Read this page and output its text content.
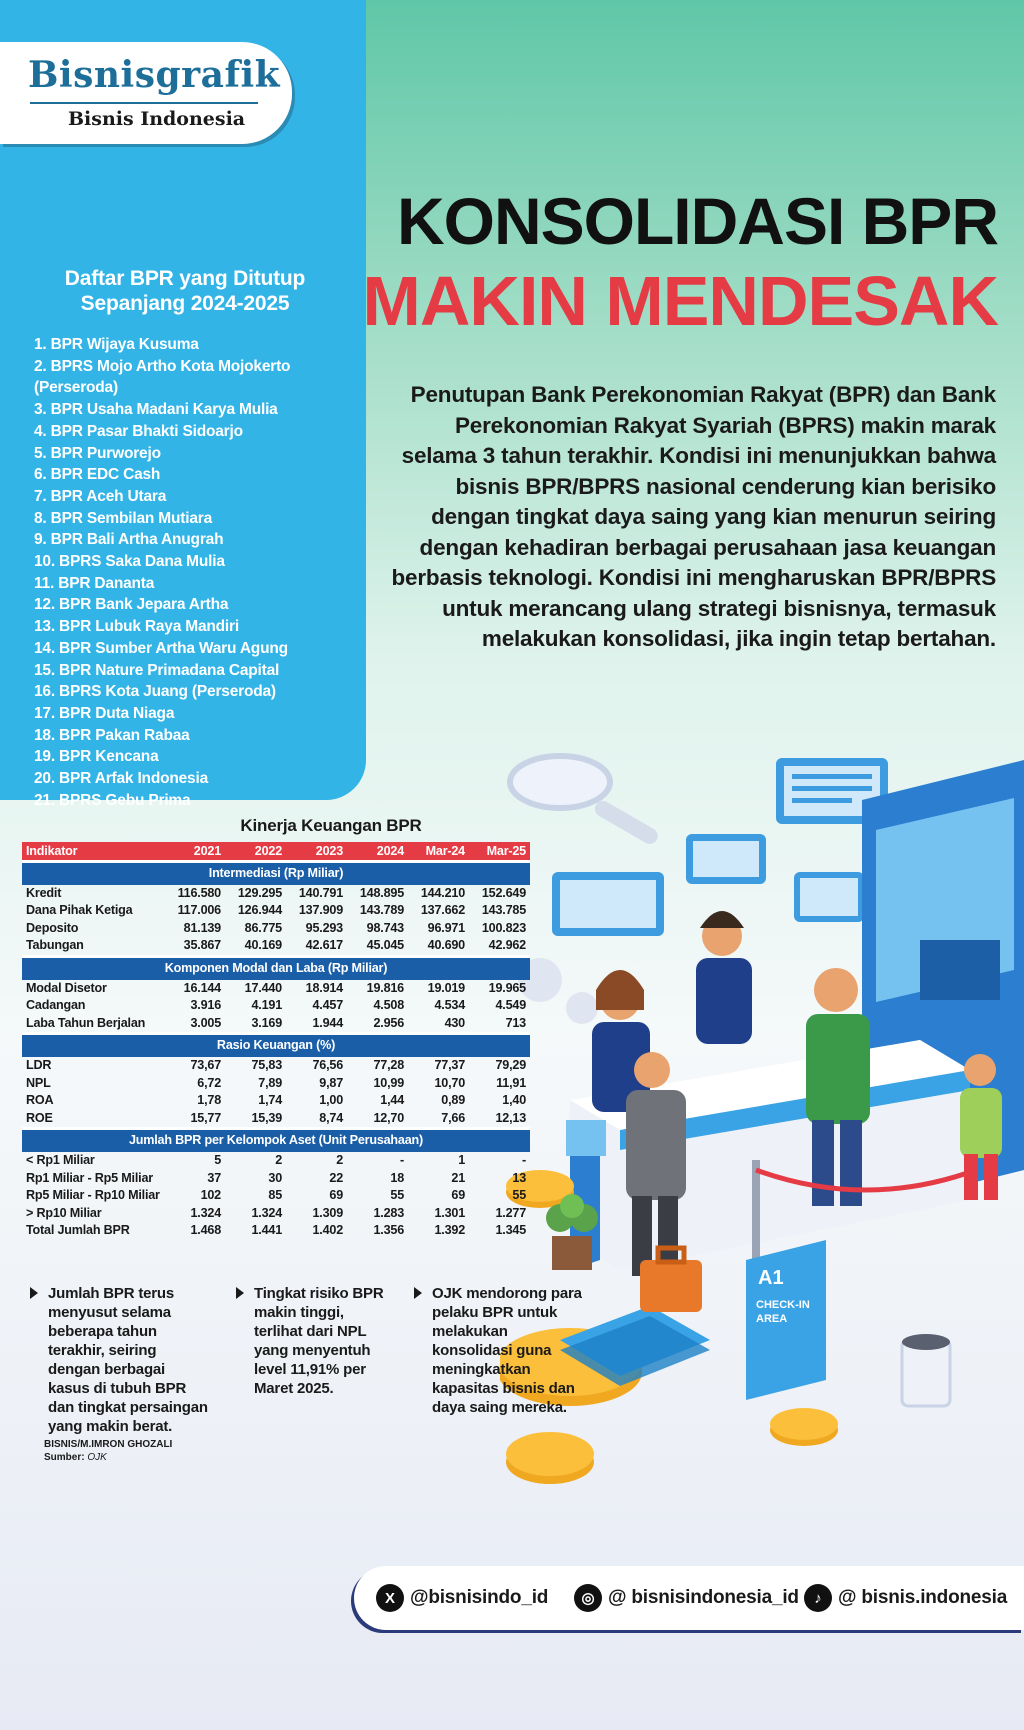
Bisnisgrafik
Bisnis Indonesia
Daftar BPR yang Ditutup
Sepanjang 2024-2025
1. BPR Wijaya Kusuma
2. BPRS Mojo Artho Kota Mojokerto (Perseroda)
3. BPR Usaha Madani Karya Mulia
4. BPR Pasar Bhakti Sidoarjo
5. BPR Purworejo
6. BPR EDC Cash
7. BPR Aceh Utara
8. BPR Sembilan Mutiara
9. BPR Bali Artha Anugrah
10. BPRS Saka Dana Mulia
11. BPR Dananta
12. BPR Bank Jepara Artha
13. BPR Lubuk Raya Mandiri
14. BPR Sumber Artha Waru Agung
15. BPR Nature Primadana Capital
16. BPRS Kota Juang (Perseroda)
17. BPR Duta Niaga
18. BPR Pakan Rabaa
19. BPR Kencana
20. BPR Arfak Indonesia
21. BPRS Gebu Prima
KONSOLIDASI BPR
MAKIN MENDESAK
Penutupan Bank Perekonomian Rakyat (BPR) dan Bank Perekonomian Rakyat Syariah (BPRS) makin marak selama 3 tahun terakhir. Kondisi ini menunjukkan bahwa bisnis BPR/BPRS nasional cenderung kian berisiko dengan tingkat daya saing yang kian menurun seiring dengan kehadiran berbagai perusahaan jasa keuangan berbasis teknologi. Kondisi ini mengharuskan BPR/BPRS untuk merancang ulang strategi bisnisnya, termasuk melakukan konsolidasi, jika ingin tetap bertahan.
A1
CHECK-IN
AREA
Kinerja Keuangan BPR
Indikator	2021	2022	2023	2024	Mar-24	Mar-25
Intermediasi (Rp Miliar)						
Kredit	116.580	129.295	140.791	148.895	144.210	152.649
Dana Pihak Ketiga	117.006	126.944	137.909	143.789	137.662	143.785
Deposito	81.139	86.775	95.293	98.743	96.971	100.823
Tabungan	35.867	40.169	42.617	45.045	40.690	42.962
Komponen Modal dan Laba (Rp Miliar)						
Modal Disetor	16.144	17.440	18.914	19.816	19.019	19.965
Cadangan	3.916	4.191	4.457	4.508	4.534	4.549
Laba Tahun Berjalan	3.005	3.169	1.944	2.956	430	713
Rasio Keuangan (%)						
LDR	73,67	75,83	76,56	77,28	77,37	79,29
NPL	6,72	7,89	9,87	10,99	10,70	11,91
ROA	1,78	1,74	1,00	1,44	0,89	1,40
ROE	15,77	15,39	8,74	12,70	7,66	12,13
Jumlah BPR per Kelompok Aset (Unit Perusahaan)						
< Rp1 Miliar	5	2	2	-	1	-
Rp1 Miliar - Rp5 Miliar	37	30	22	18	21	13
Rp5 Miliar - Rp10 Miliar	102	85	69	55	69	55
> Rp10 Miliar	1.324	1.324	1.309	1.283	1.301	1.277
Total Jumlah BPR	1.468	1.441	1.402	1.356	1.392	1.345
Jumlah BPR terus menyusut selama beberapa tahun terakhir, seiring dengan berbagai kasus di tubuh BPR dan tingkat persaingan yang makin berat.
Tingkat risiko BPR makin tinggi, terlihat dari NPL yang menyentuh level 11,91% per Maret 2025.
OJK mendorong para pelaku BPR untuk melakukan konsolidasi guna meningkatkan kapasitas bisnis dan daya saing mereka.
BISNIS/M.IMRON GHOZALI
Sumber: OJK
X @bisnisindo_id	◎ @ bisnisindonesia_id	♪ @ bisnis.indonesia
